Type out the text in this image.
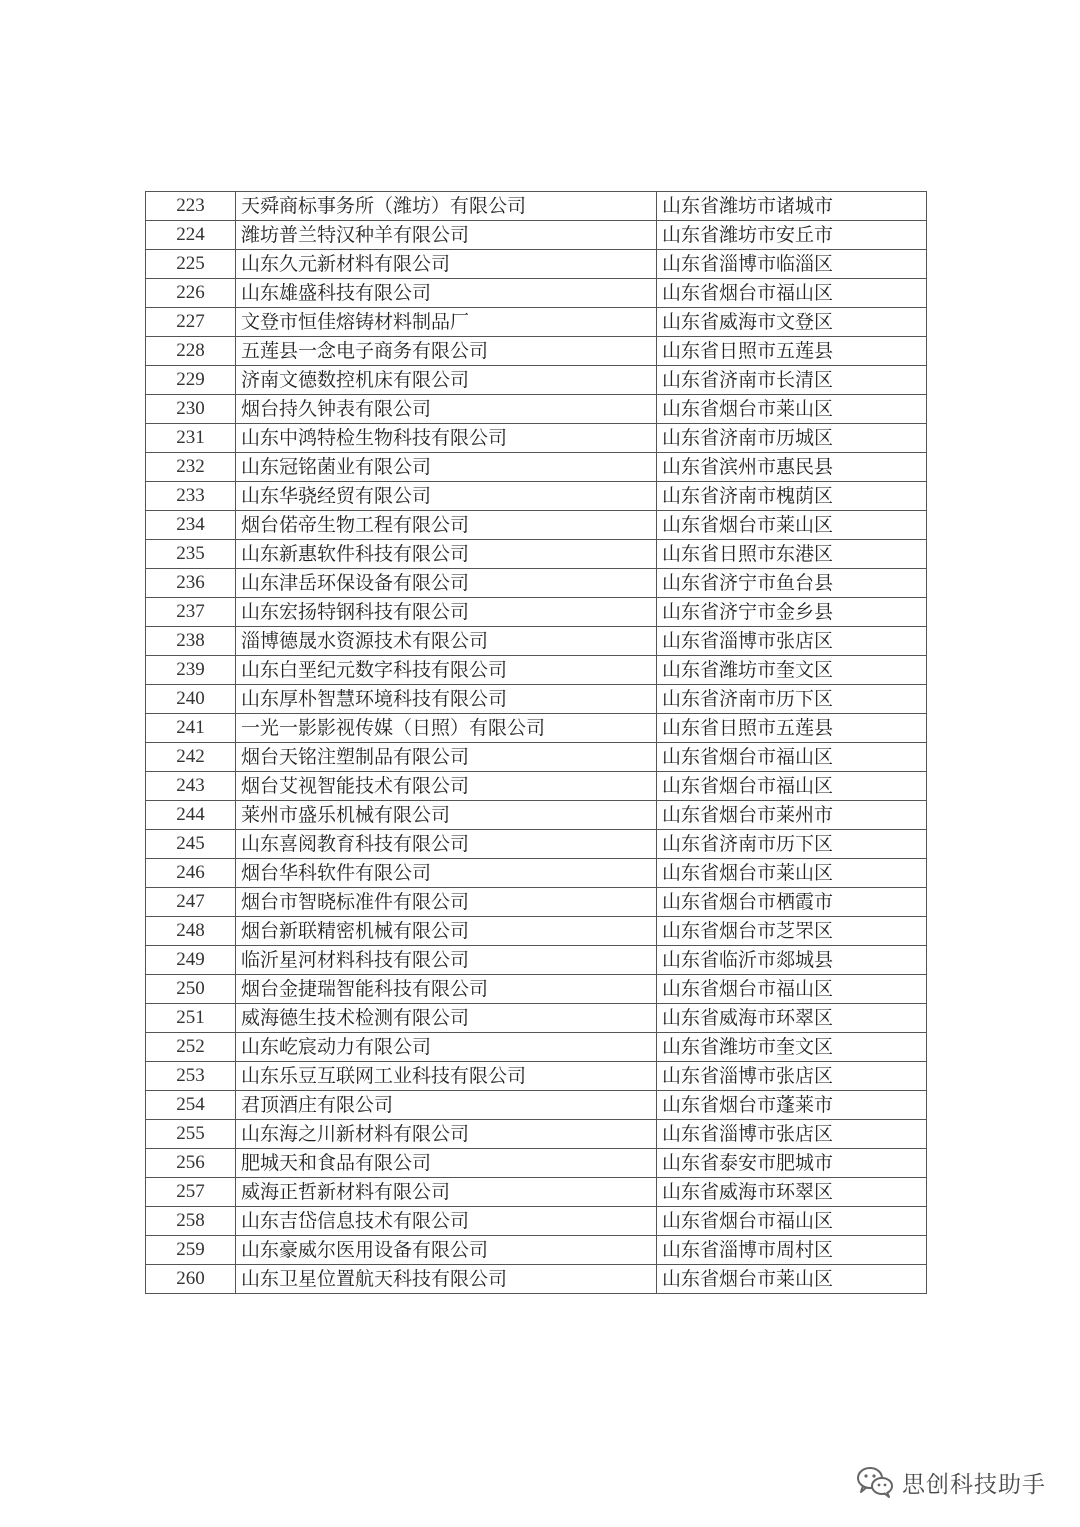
223	天舜商标事务所（潍坊）有限公司	山东省潍坊市诸城市
224	潍坊普兰特汉种羊有限公司	山东省潍坊市安丘市
225	山东久元新材料有限公司	山东省淄博市临淄区
226	山东雄盛科技有限公司	山东省烟台市福山区
227	文登市恒佳熔铸材料制品厂	山东省威海市文登区
228	五莲县一念电子商务有限公司	山东省日照市五莲县
229	济南文德数控机床有限公司	山东省济南市长清区
230	烟台持久钟表有限公司	山东省烟台市莱山区
231	山东中鸿特检生物科技有限公司	山东省济南市历城区
232	山东冠铭菌业有限公司	山东省滨州市惠民县
233	山东华骁经贸有限公司	山东省济南市槐荫区
234	烟台偌帝生物工程有限公司	山东省烟台市莱山区
235	山东新惠软件科技有限公司	山东省日照市东港区
236	山东津岳环保设备有限公司	山东省济宁市鱼台县
237	山东宏扬特钢科技有限公司	山东省济宁市金乡县
238	淄博德晟水资源技术有限公司	山东省淄博市张店区
239	山东白垩纪元数字科技有限公司	山东省潍坊市奎文区
240	山东厚朴智慧环境科技有限公司	山东省济南市历下区
241	一光一影影视传媒（日照）有限公司	山东省日照市五莲县
242	烟台天铭注塑制品有限公司	山东省烟台市福山区
243	烟台艾视智能技术有限公司	山东省烟台市福山区
244	莱州市盛乐机械有限公司	山东省烟台市莱州市
245	山东喜阅教育科技有限公司	山东省济南市历下区
246	烟台华科软件有限公司	山东省烟台市莱山区
247	烟台市智晓标准件有限公司	山东省烟台市栖霞市
248	烟台新联精密机械有限公司	山东省烟台市芝罘区
249	临沂星河材料科技有限公司	山东省临沂市郯城县
250	烟台金捷瑞智能科技有限公司	山东省烟台市福山区
251	威海德生技术检测有限公司	山东省威海市环翠区
252	山东屹宸动力有限公司	山东省潍坊市奎文区
253	山东乐豆互联网工业科技有限公司	山东省淄博市张店区
254	君顶酒庄有限公司	山东省烟台市蓬莱市
255	山东海之川新材料有限公司	山东省淄博市张店区
256	肥城天和食品有限公司	山东省泰安市肥城市
257	威海正哲新材料有限公司	山东省威海市环翠区
258	山东吉岱信息技术有限公司	山东省烟台市福山区
259	山东豪威尔医用设备有限公司	山东省淄博市周村区
260	山东卫星位置航天科技有限公司	山东省烟台市莱山区
思创科技助手
